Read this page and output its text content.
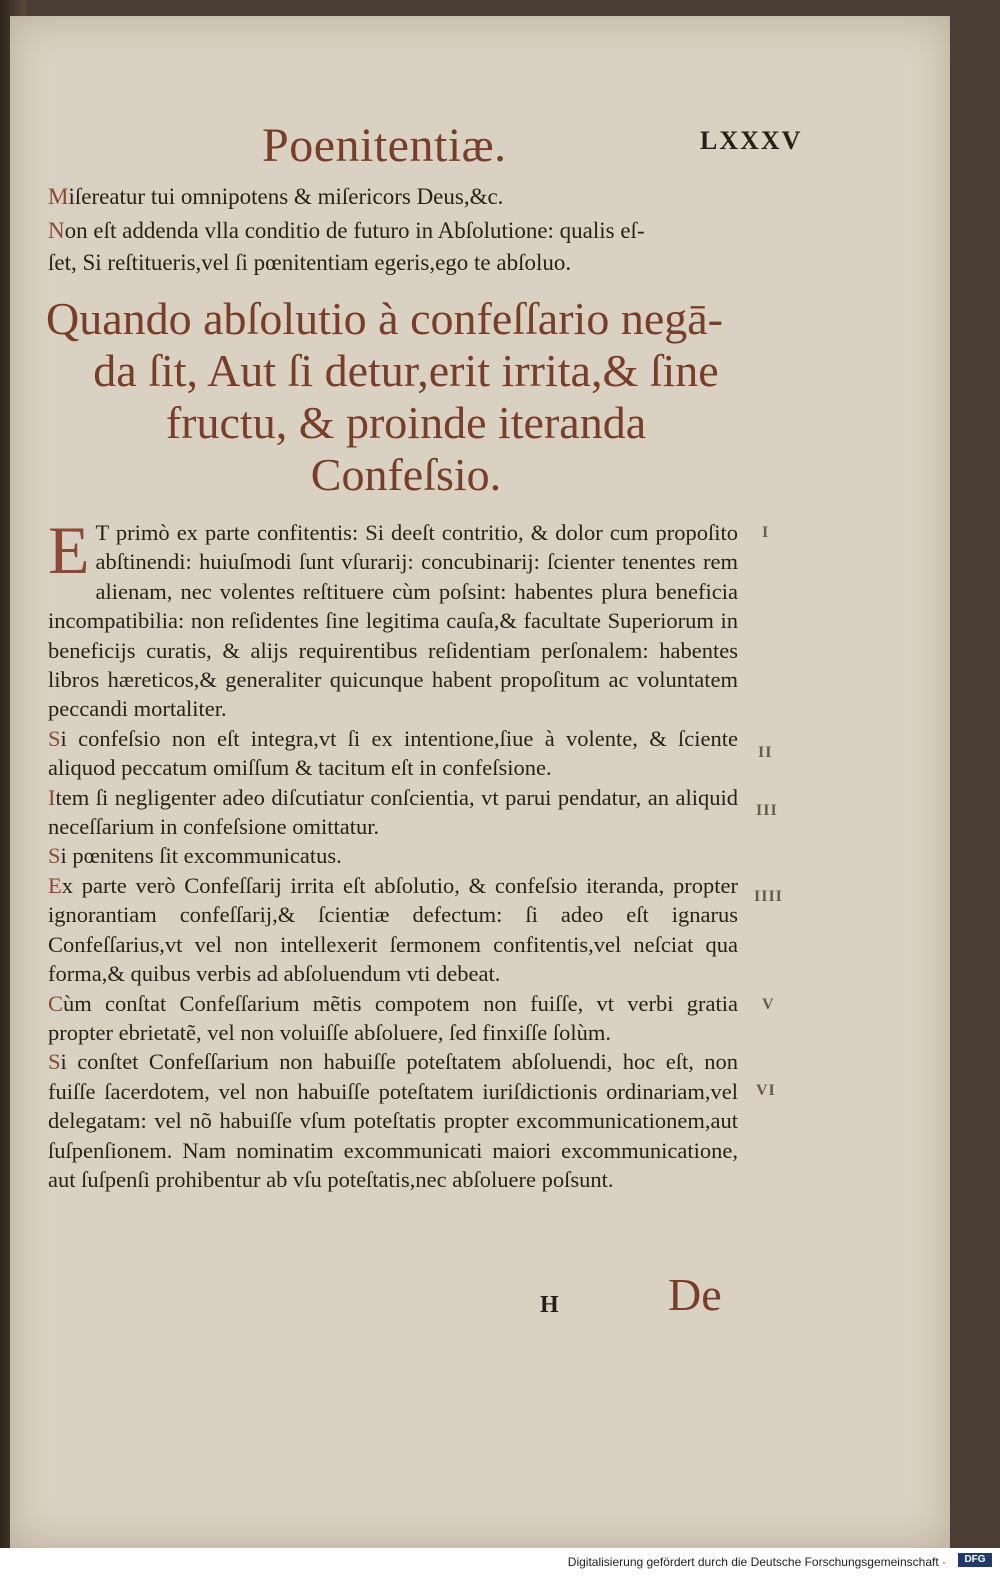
Poenitentiæ.	LXXXV
Miſereatur tui omnipotens & miſericors Deus,&c.
Non eſt addenda vlla conditio de futuro in Abſolutione: qualis eſ-
ſet, Si reſtitueris,vel ſi pœnitentiam egeris,ego te abſoluo.
Quando abſolutio à confeſſario negā-
da ſit, Aut ſi detur,erit irrita,& ſine
fructu, & proinde iteranda
Confeſsio.

E T primò ex parte confitentis: Si deeſt contritio, & dolor cum propoſito abſtinendi: huiuſmodi ſunt vſurarij: concubinarij: ſcienter tenentes rem alienam, nec volentes reſtituere cùm poſsint: habentes plura beneficia incompatibilia: non reſidentes ſine legitima cauſa,& facultate Superiorum in beneficijs curatis, & alijs requirentibus reſidentiam perſonalem: habentes libros hæreticos,& generaliter quicunque habent propoſitum ac voluntatem peccandi mortaliter.

Si confeſsio non eſt integra,vt ſi ex intentione,ſiue à volente, & ſciente aliquod peccatum omiſſum & tacitum eſt in confeſsione.

Item ſi negligenter adeo diſcutiatur conſcientia, vt parui pendatur, an aliquid neceſſarium in confeſsione omittatur.

Si pœnitens ſit excommunicatus.

Ex parte verò Confeſſarij irrita eſt abſolutio, & confeſsio iteranda, propter ignorantiam confeſſarij,& ſcientiæ defectum: ſi adeo eſt ignarus Confeſſarius,vt vel non intellexerit ſermonem confitentis,vel neſciat qua forma,& quibus verbis ad abſoluendum vti debeat.

Cùm conſtat Confeſſarium mẽtis compotem non fuiſſe, vt verbi gratia propter ebrietatẽ, vel non voluiſſe abſoluere, ſed finxiſſe ſolùm.

Si conſtet Confeſſarium non habuiſſe poteſtatem abſoluendi, hoc eſt, non fuiſſe ſacerdotem, vel non habuiſſe poteſtatem iuriſdictionis ordinariam,vel delegatam: vel nõ habuiſſe vſum poteſtatis propter excommunicationem,aut ſuſpenſionem. Nam nominatim excommunicati maiori excommunicatione, aut ſuſpenſi prohibentur ab vſu poteſtatis,nec abſoluere poſsunt.

I
II
III
IIII
V
VI
H De
Digitalisierung gefördert durch die Deutsche Forschungsgemeinschaft ·	DFG
